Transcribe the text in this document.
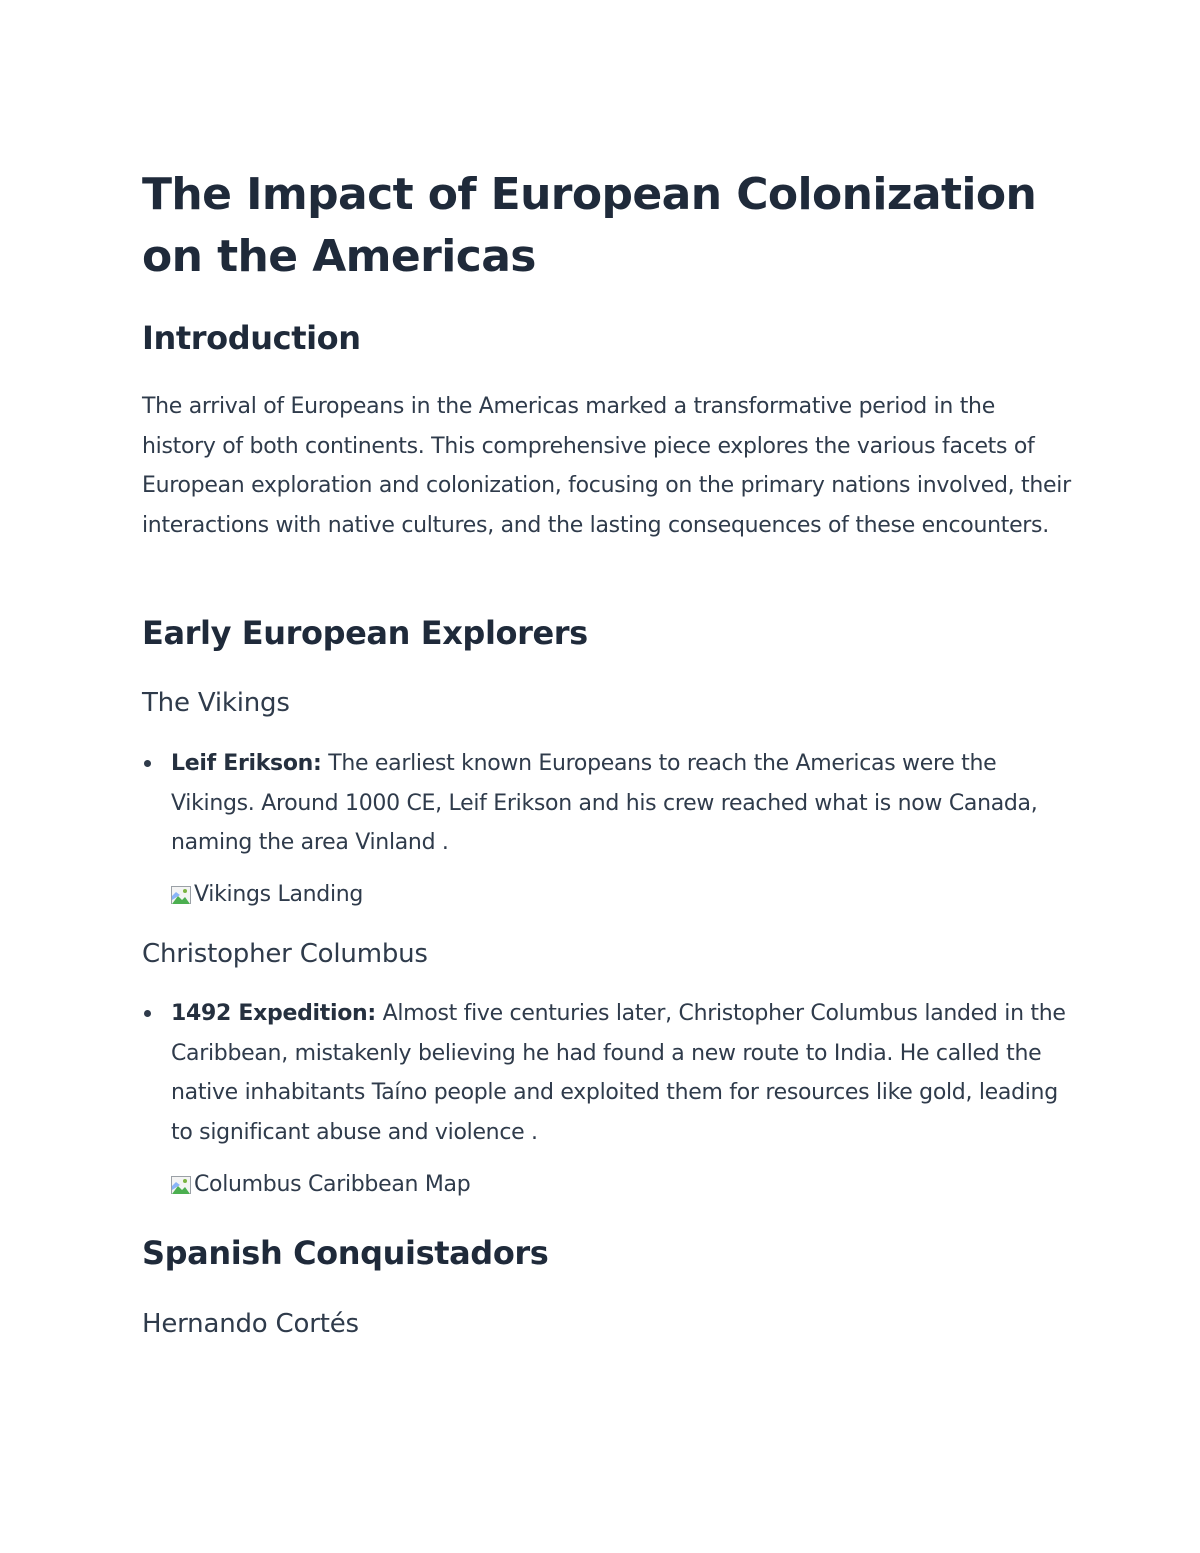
The Impact of European Colonization on the Americas
Introduction

The arrival of Europeans in the Americas marked a transformative period in the history of both continents. This comprehensive piece explores the various facets of European exploration and colonization, focusing on the primary nations involved, their interactions with native cultures, and the lasting consequences of these encounters.

Early European Explorers
The Vikings
Leif Erikson: The earliest known Europeans to reach the Americas were the Vikings. Around 1000 CE, Leif Erikson and his crew reached what is now Canada, naming the area Vinland .
Vikings Landing
Christopher Columbus
1492 Expedition: Almost five centuries later, Christopher Columbus landed in the Caribbean, mistakenly believing he had found a new route to India. He called the native inhabitants Taíno people and exploited them for resources like gold, leading to significant abuse and violence .
Columbus Caribbean Map
Spanish Conquistadors
Hernando Cortés
